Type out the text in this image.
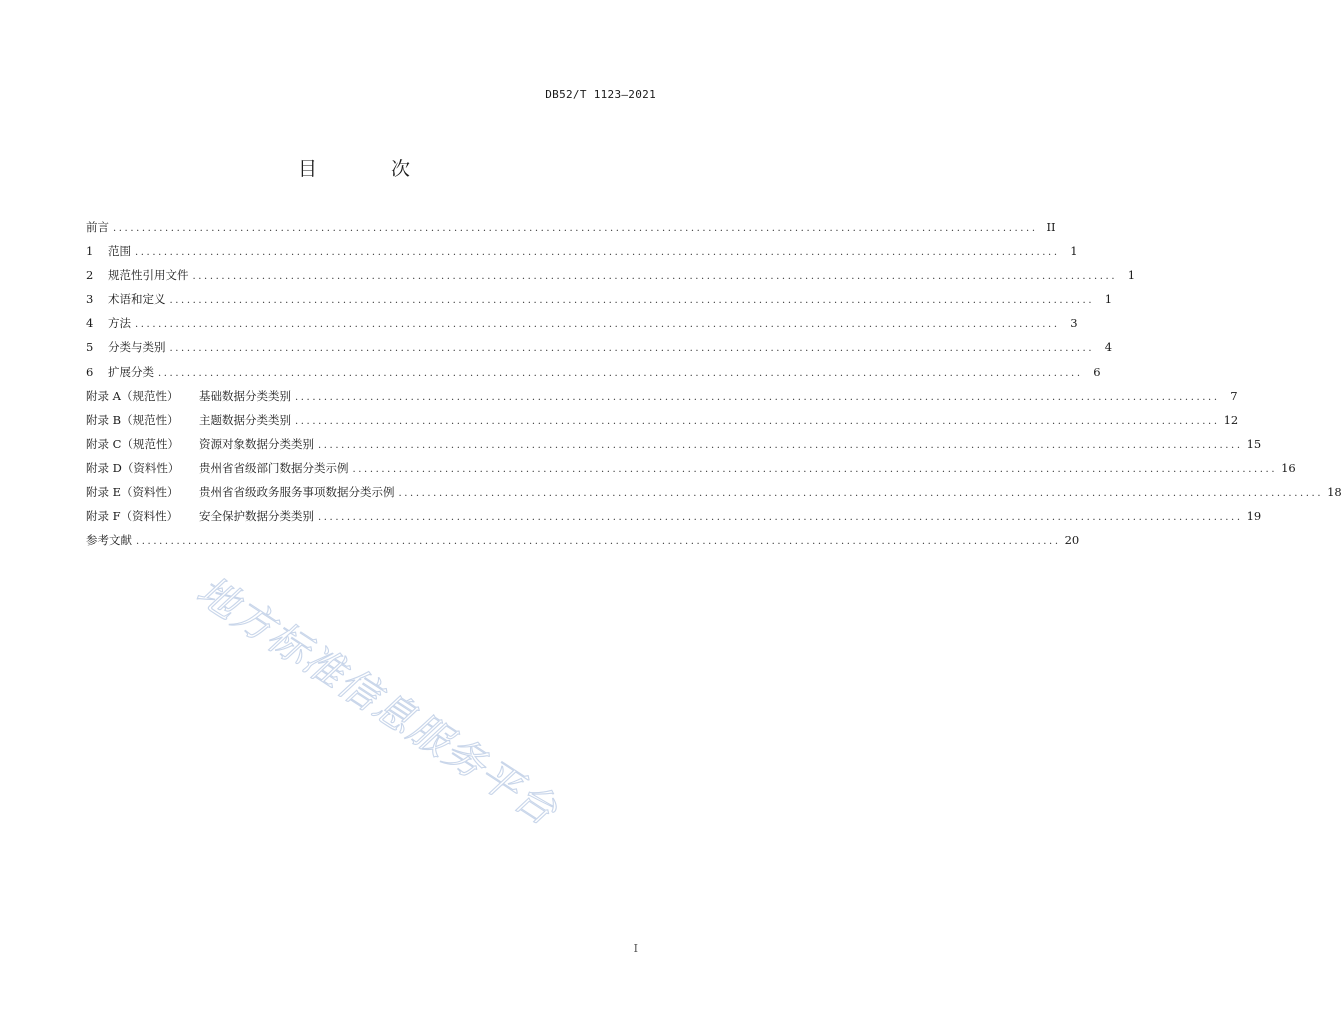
DB52/T 1123—2021
目 次
前言 ................................................................................................................................................................ II
1	范围 ................................................................................................................................................................ 1
2	规范性引用文件 ................................................................................................................................................................ 1
3	术语和定义 ................................................................................................................................................................ 1
4	方法 ................................................................................................................................................................ 3
5	分类与类别 ................................................................................................................................................................ 4
6	扩展分类 ................................................................................................................................................................ 6
附录 A（规范性）	基础数据分类类别 ................................................................................................................................................................ 7
附录 B（规范性）	主题数据分类类别 ................................................................................................................................................................ 12
附录 C（规范性）	资源对象数据分类类别 ................................................................................................................................................................ 15
附录 D（资料性）	贵州省省级部门数据分类示例 ................................................................................................................................................................ 16
附录 E（资料性）	贵州省省级政务服务事项数据分类示例 ................................................................................................................................................................ 18
附录 F（资料性）	安全保护数据分类类别 ................................................................................................................................................................ 19
参考文献 ................................................................................................................................................................ 20
地方标准信息服务平台
I
